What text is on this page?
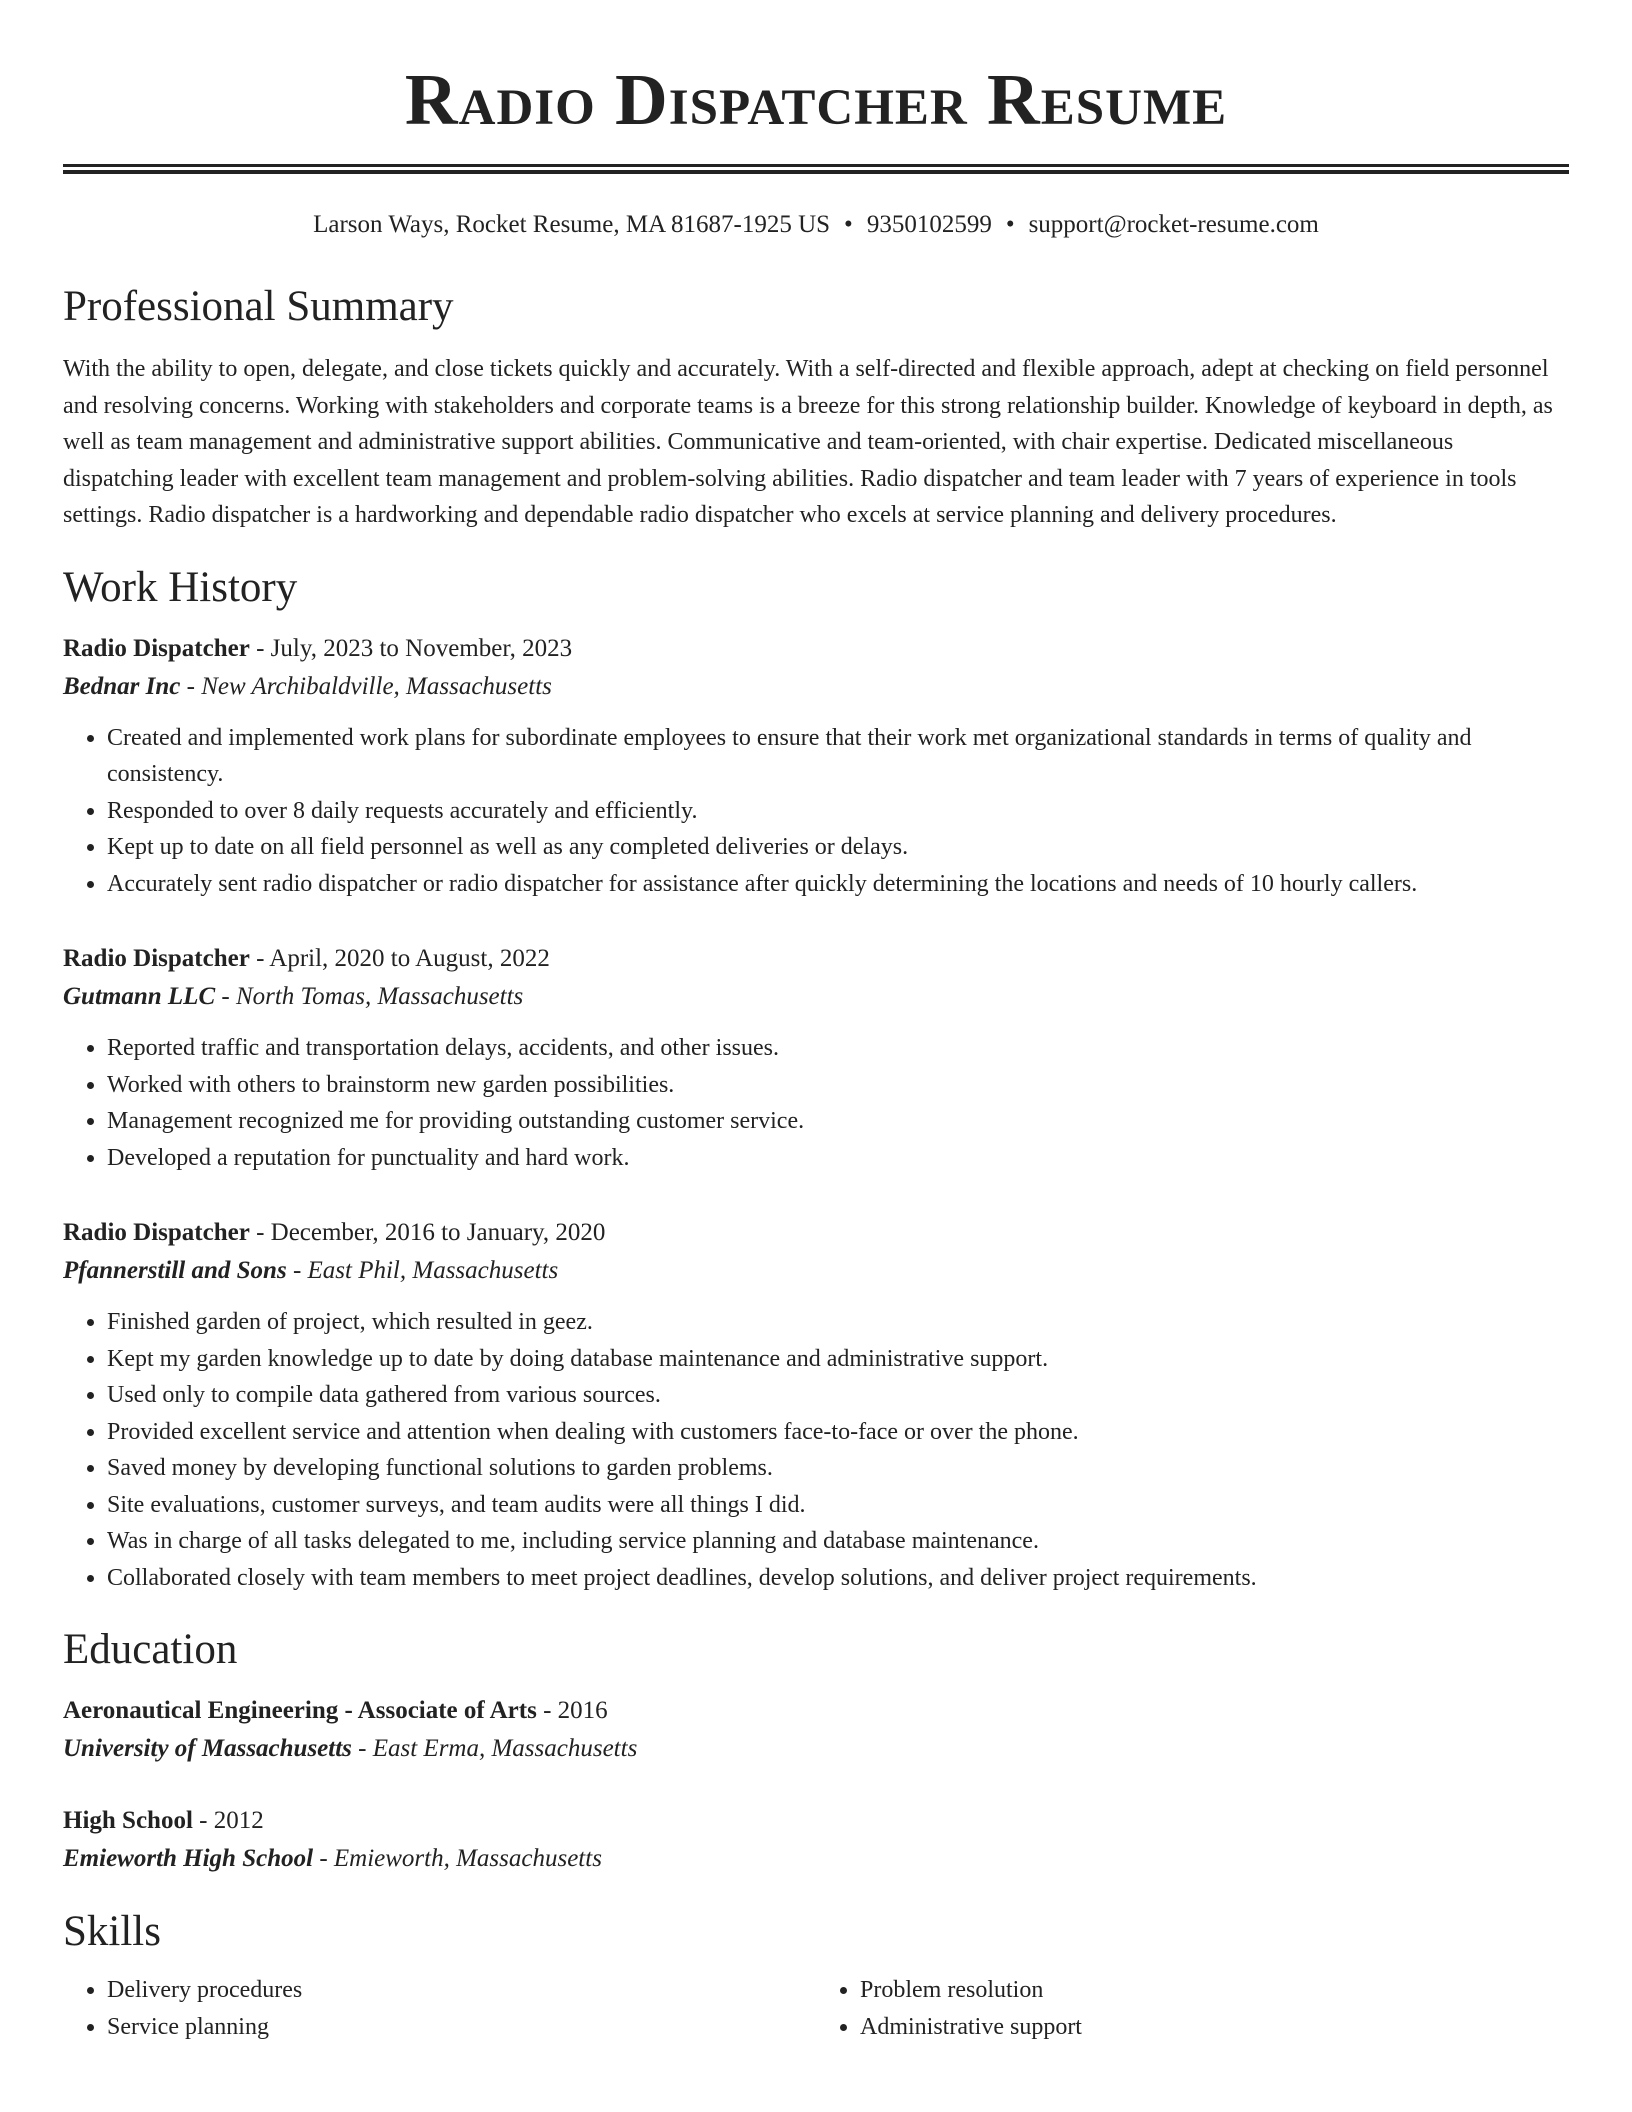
Radio Dispatcher Resume
Larson Ways, Rocket Resume, MA 81687-1925 US • 9350102599 • support@rocket-resume.com
Professional Summary
With the ability to open, delegate, and close tickets quickly and accurately. With a self-directed and flexible approach, adept at checking on field personnel and resolving concerns. Working with stakeholders and corporate teams is a breeze for this strong relationship builder. Knowledge of keyboard in depth, as well as team management and administrative support abilities. Communicative and team-oriented, with chair expertise. Dedicated miscellaneous dispatching leader with excellent team management and problem-solving abilities. Radio dispatcher and team leader with 7 years of experience in tools settings. Radio dispatcher is a hardworking and dependable radio dispatcher who excels at service planning and delivery procedures.
Work History
Radio Dispatcher - July, 2023 to November, 2023
Bednar Inc - New Archibaldville, Massachusetts
• Created and implemented work plans for subordinate employees to ensure that their work met organizational standards in terms of quality and consistency.
• Responded to over 8 daily requests accurately and efficiently.
• Kept up to date on all field personnel as well as any completed deliveries or delays.
• Accurately sent radio dispatcher or radio dispatcher for assistance after quickly determining the locations and needs of 10 hourly callers.
Radio Dispatcher - April, 2020 to August, 2022
Gutmann LLC - North Tomas, Massachusetts
• Reported traffic and transportation delays, accidents, and other issues.
• Worked with others to brainstorm new garden possibilities.
• Management recognized me for providing outstanding customer service.
• Developed a reputation for punctuality and hard work.
Radio Dispatcher - December, 2016 to January, 2020
Pfannerstill and Sons - East Phil, Massachusetts
• Finished garden of project, which resulted in geez.
• Kept my garden knowledge up to date by doing database maintenance and administrative support.
• Used only to compile data gathered from various sources.
• Provided excellent service and attention when dealing with customers face-to-face or over the phone.
• Saved money by developing functional solutions to garden problems.
• Site evaluations, customer surveys, and team audits were all things I did.
• Was in charge of all tasks delegated to me, including service planning and database maintenance.
• Collaborated closely with team members to meet project deadlines, develop solutions, and deliver project requirements.
Education
Aeronautical Engineering - Associate of Arts - 2016
University of Massachusetts - East Erma, Massachusetts
High School - 2012
Emieworth High School - Emieworth, Massachusetts
Skills
• Delivery procedures
• Service planning
• Problem resolution
• Administrative support
